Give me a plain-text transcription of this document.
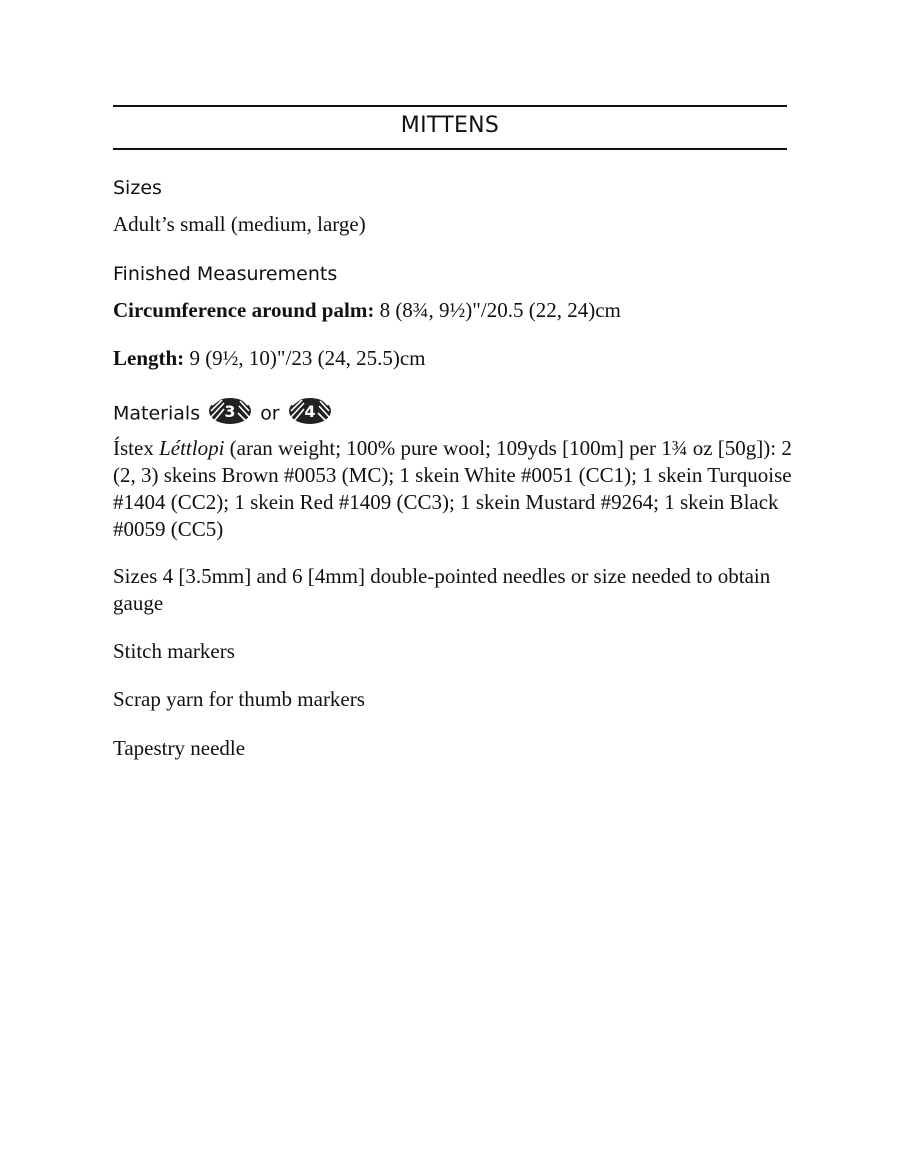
MITTENS
Sizes
Adult’s small (medium, large)
Finished Measurements
Circumference around palm: 8 (8¾, 9½)"/20.5 (22, 24)cm
Length: 9 (9½, 10)"/23 (24, 25.5)cm
Materials 3 or 4
Ístex Léttlopi (aran weight; 100% pure wool; 109yds [100m] per 1¾ oz [50g]): 2 (2, 3) skeins Brown #0053 (MC); 1 skein White #0051 (CC1); 1 skein Turquoise #1404 (CC2); 1 skein Red #1409 (CC3); 1 skein Mustard #9264; 1 skein Black #0059 (CC5)
Sizes 4 [3.5mm] and 6 [4mm] double-pointed needles or size needed to obtain gauge
Stitch markers
Scrap yarn for thumb markers
Tapestry needle
